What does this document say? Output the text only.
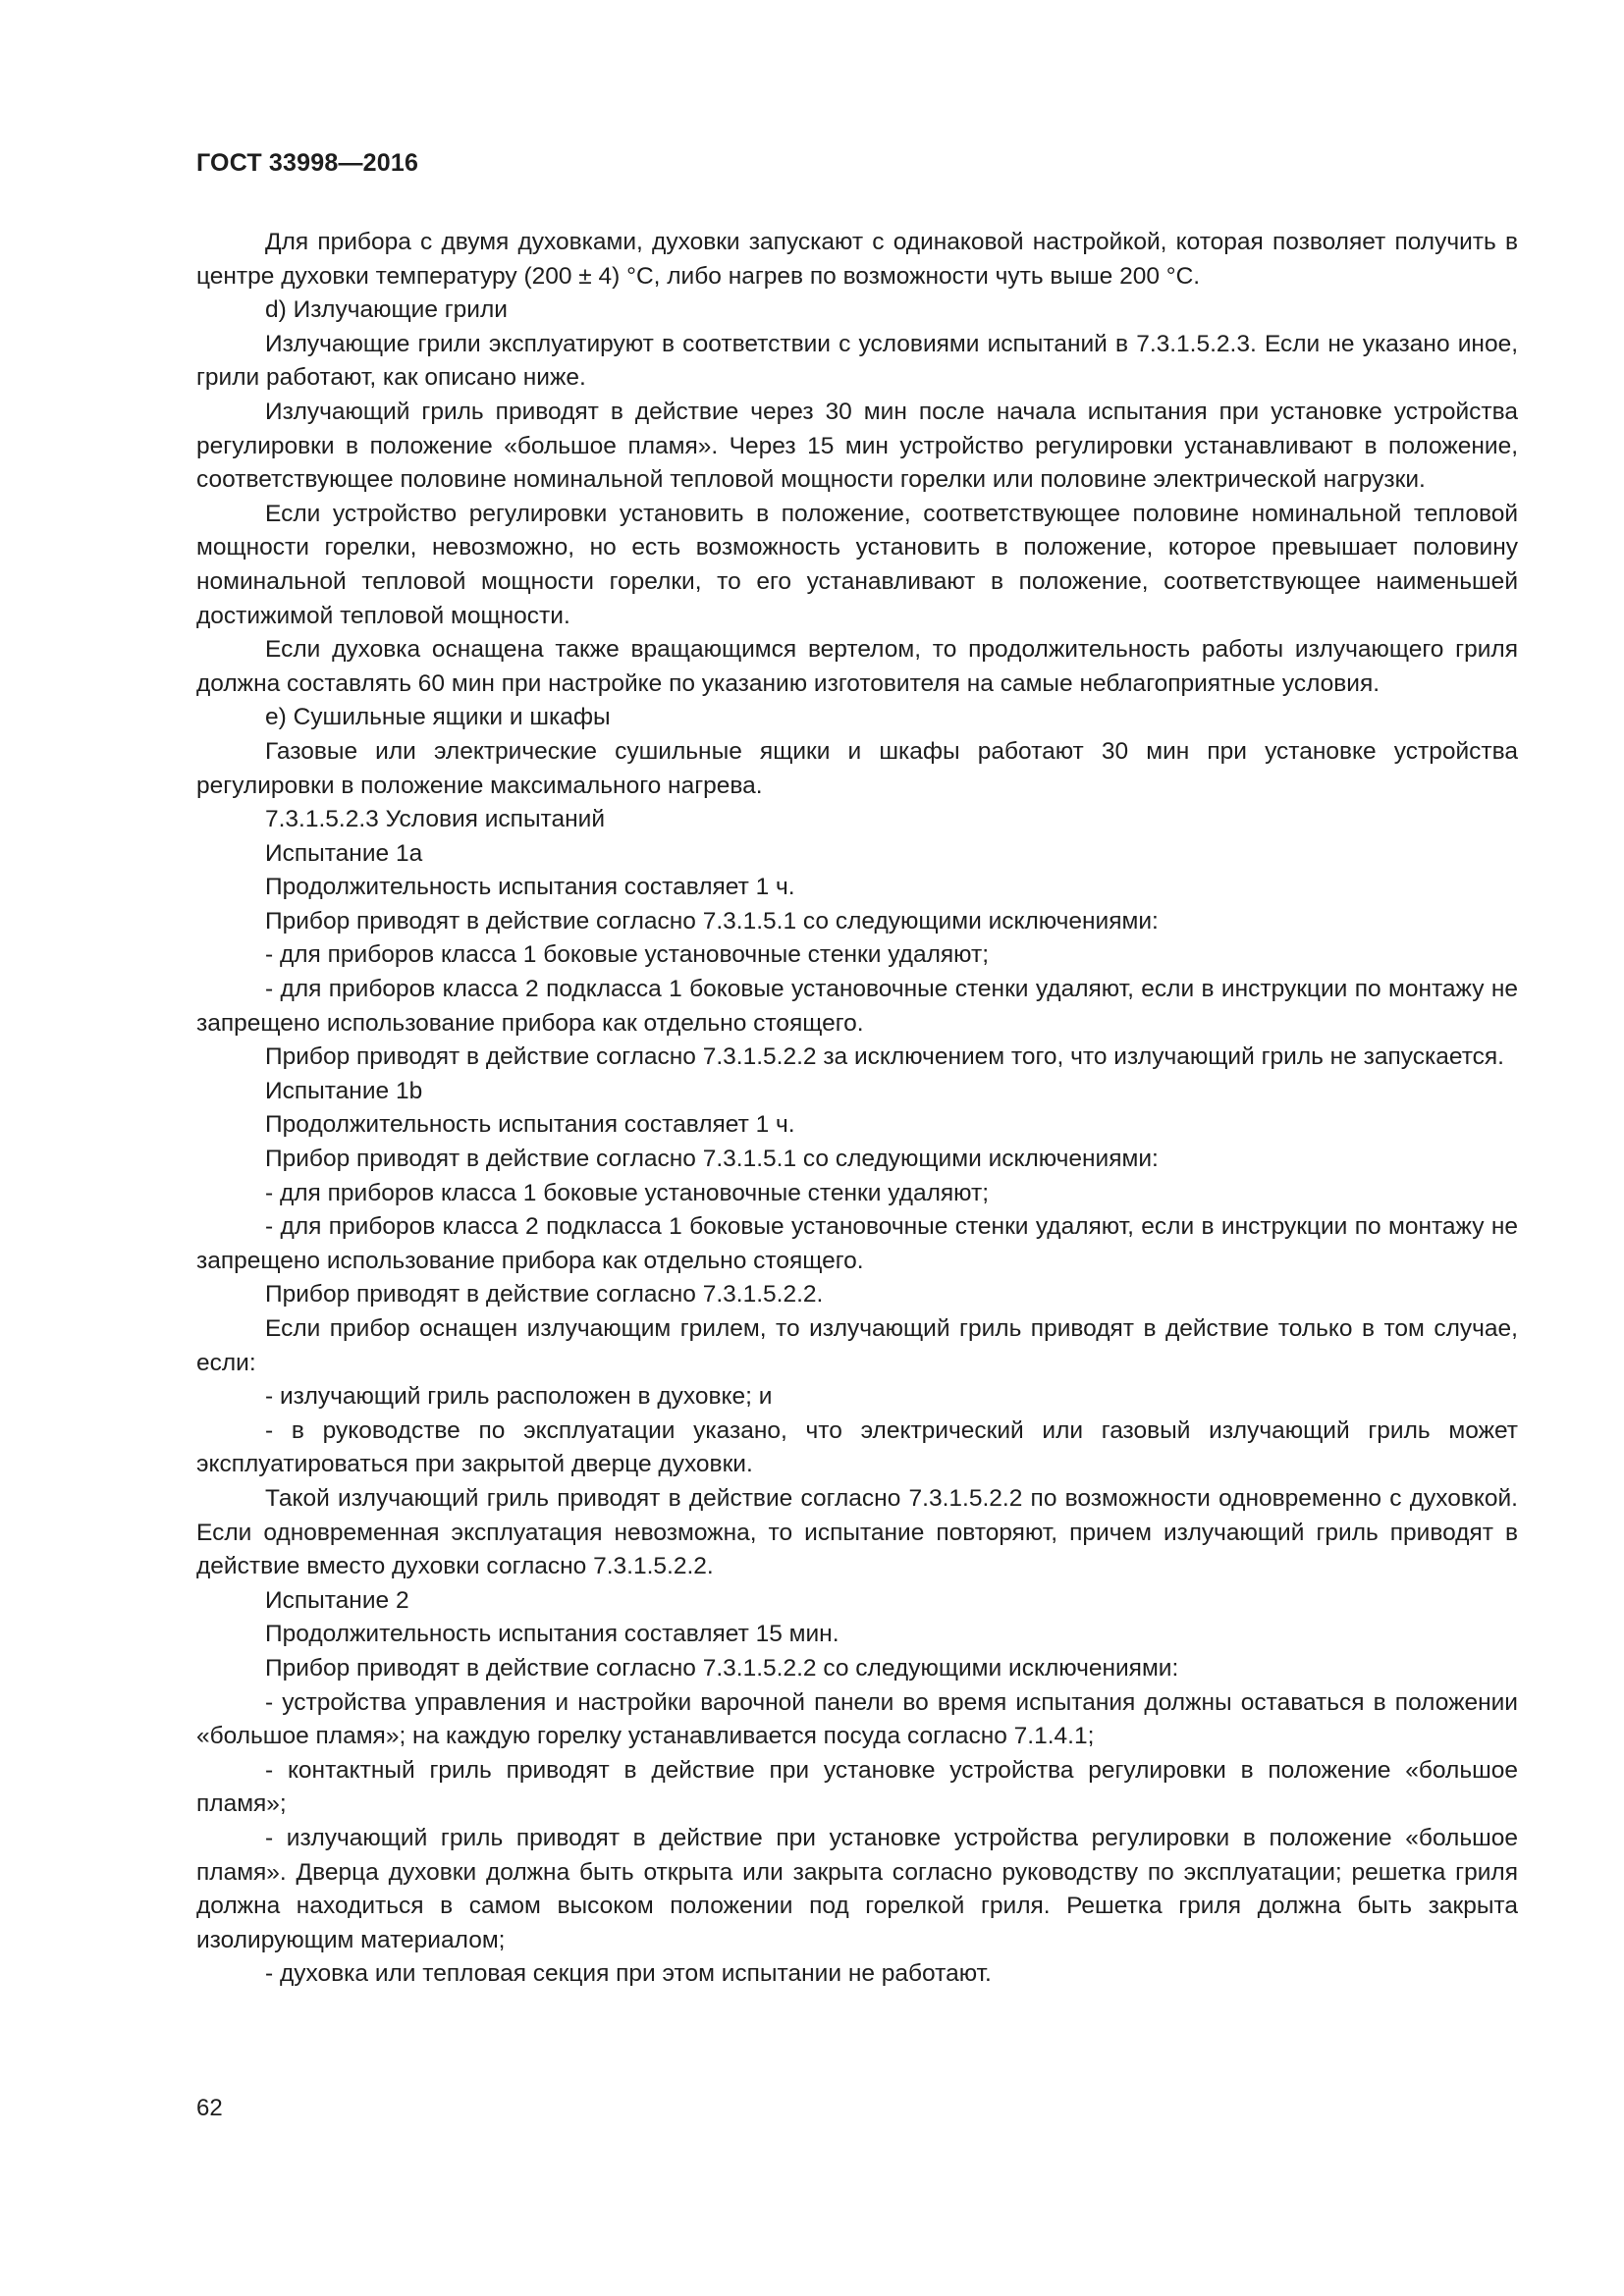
ГОСТ 33998—2016

Для прибора с двумя духовками, духовки запускают с одинаковой настройкой, которая позволяет получить в центре духовки температуру (200 ± 4) °C, либо нагрев по возможности чуть выше 200 °C.

d) Излучающие грили

Излучающие грили эксплуатируют в соответствии с условиями испытаний в 7.3.1.5.2.3. Если не указано иное, грили работают, как описано ниже.

Излучающий гриль приводят в действие через 30 мин после начала испытания при установке устройства регулировки в положение «большое пламя». Через 15 мин устройство регулировки устанавливают в положение, соответствующее половине номинальной тепловой мощности горелки или половине электрической нагрузки.

Если устройство регулировки установить в положение, соответствующее половине номинальной тепловой мощности горелки, невозможно, но есть возможность установить в положение, которое превышает половину номинальной тепловой мощности горелки, то его устанавливают в положение, соответствующее наименьшей достижимой тепловой мощности.

Если духовка оснащена также вращающимся вертелом, то продолжительность работы излучающего гриля должна составлять 60 мин при настройке по указанию изготовителя на самые неблагоприятные условия.

e) Сушильные ящики и шкафы

Газовые или электрические сушильные ящики и шкафы работают 30 мин при установке устройства регулировки в положение максимального нагрева.

7.3.1.5.2.3 Условия испытаний

Испытание 1а

Продолжительность испытания составляет 1 ч.

Прибор приводят в действие согласно 7.3.1.5.1 со следующими исключениями:

- для приборов класса 1 боковые установочные стенки удаляют;

- для приборов класса 2 подкласса 1 боковые установочные стенки удаляют, если в инструкции по монтажу не запрещено использование прибора как отдельно стоящего.

Прибор приводят в действие согласно 7.3.1.5.2.2 за исключением того, что излучающий гриль не запускается.

Испытание 1b

Продолжительность испытания составляет 1 ч.

Прибор приводят в действие согласно 7.3.1.5.1 со следующими исключениями:

- для приборов класса 1 боковые установочные стенки удаляют;

- для приборов класса 2 подкласса 1 боковые установочные стенки удаляют, если в инструкции по монтажу не запрещено использование прибора как отдельно стоящего.

Прибор приводят в действие согласно 7.3.1.5.2.2.

Если прибор оснащен излучающим грилем, то излучающий гриль приводят в действие только в том случае, если:

- излучающий гриль расположен в духовке; и

- в руководстве по эксплуатации указано, что электрический или газовый излучающий гриль может эксплуатироваться при закрытой дверце духовки.

Такой излучающий гриль приводят в действие согласно 7.3.1.5.2.2 по возможности одновременно с духовкой. Если одновременная эксплуатация невозможна, то испытание повторяют, причем излучающий гриль приводят в действие вместо духовки согласно 7.3.1.5.2.2.

Испытание 2

Продолжительность испытания составляет 15 мин.

Прибор приводят в действие согласно 7.3.1.5.2.2 со следующими исключениями:

- устройства управления и настройки варочной панели во время испытания должны оставаться в положении «большое пламя»; на каждую горелку устанавливается посуда согласно 7.1.4.1;

- контактный гриль приводят в действие при установке устройства регулировки в положение «большое пламя»;

- излучающий гриль приводят в действие при установке устройства регулировки в положение «большое пламя». Дверца духовки должна быть открыта или закрыта согласно руководству по эксплуатации; решетка гриля должна находиться в самом высоком положении под горелкой гриля. Решетка гриля должна быть закрыта изолирующим материалом;

- духовка или тепловая секция при этом испытании не работают.

62
